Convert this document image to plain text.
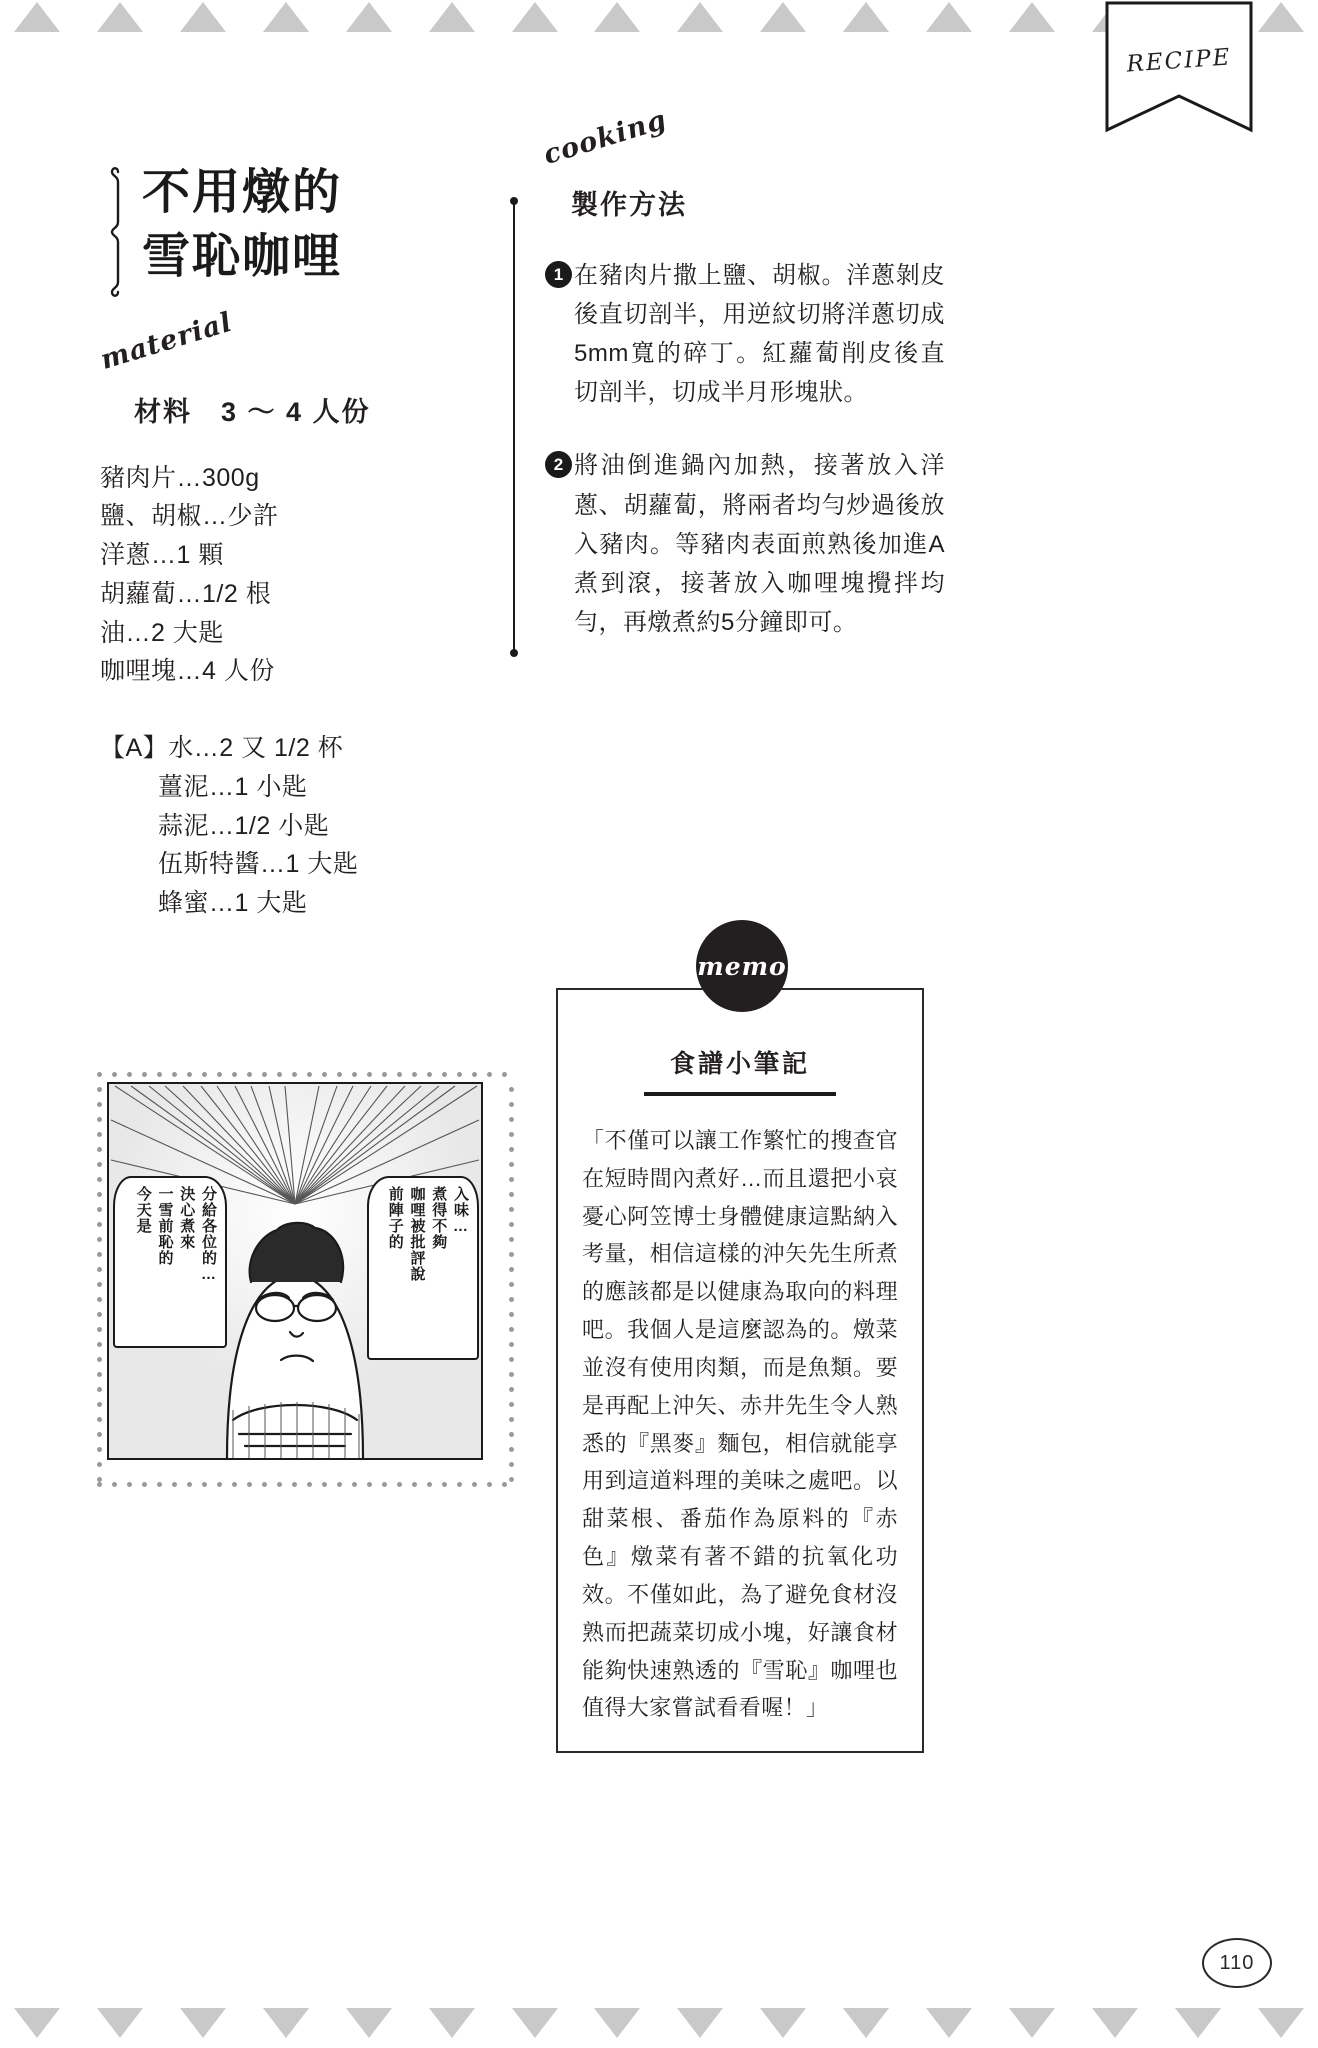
RECIPE
不用燉的
雪恥咖哩
material
材料　3 〜 4 人份
豬肉片…300g
鹽、胡椒…少許
洋蔥…1 顆
胡蘿蔔…1/2 根
油…2 大匙
咖哩塊…4 人份
【A】水…2 又 1/2 杯
薑泥…1 小匙
蒜泥…1/2 小匙
伍斯特醬…1 大匙
蜂蜜…1 大匙
cooking
製作方法
1 在豬肉片撒上鹽、胡椒。洋蔥剝皮後直切剖半，用逆紋切將洋蔥切成5mm寬的碎丁。紅蘿蔔削皮後直切剖半，切成半月形塊狀。
2 將油倒進鍋內加熱，接著放入洋蔥、胡蘿蔔，將兩者均勻炒過後放入豬肉。等豬肉表面煎熟後加進A煮到滾，接著放入咖哩塊攪拌均勻，再燉煮約5分鐘即可。
memo
食譜小筆記
「不僅可以讓工作繁忙的搜查官在短時間內煮好…而且還把小哀憂心阿笠博士身體健康這點納入考量，相信這樣的沖矢先生所煮的應該都是以健康為取向的料理吧。我個人是這麼認為的。燉菜並沒有使用肉類，而是魚類。要是再配上沖矢、赤井先生令人熟悉的『黑麥』麵包，相信就能享用到這道料理的美味之處吧。以甜菜根、番茄作為原料的『赤色』燉菜有著不錯的抗氧化功效。不僅如此，為了避免食材沒熟而把蔬菜切成小塊，好讓食材能夠快速熟透的『雪恥』咖哩也值得大家嘗試看看喔！」
今天是 一雪前恥的 決心煮來 分給各位的…	前陣子的 咖哩被批評說 煮得不夠 入味…
110
